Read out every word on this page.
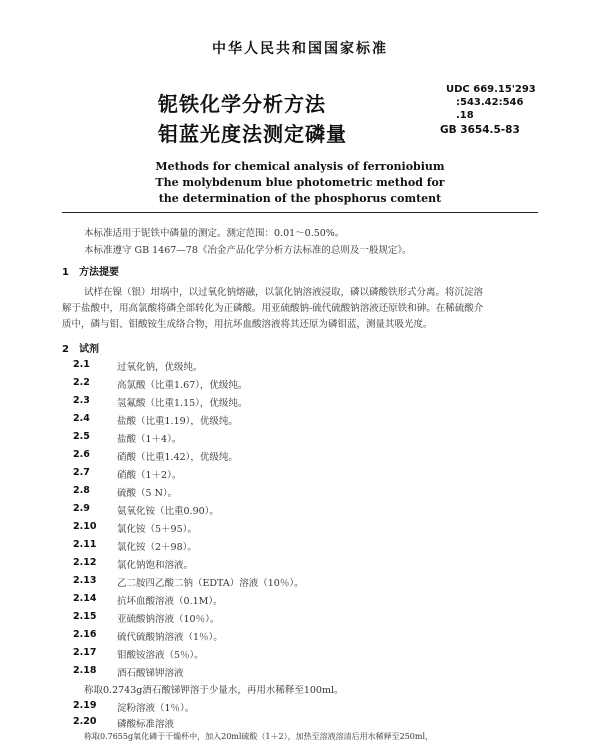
中华人民共和国国家标准
铌铁化学分析方法
钼蓝光度法测定磷量
UDC 669.15'293
:543.42:546
.18
GB 3654.5-83
Methods for chemical analysis of ferroniobium
The molybdenum blue photometric method for
the determination of the phosphorus comtent
本标准适用于铌铁中磷量的测定。测定范围：0.01～0.50%。
本标准遵守 GB 1467—78《冶金产品化学分析方法标准的总则及一般规定》。
1　方法提要
试样在镍（银）坩埚中，以过氧化钠熔融，以氯化钠溶液浸取，磷以磷酸铁形式分离。将沉淀溶
解于盐酸中，用高氯酸将磷全部转化为正磷酸。用亚硫酸钠-硫代硫酸钠溶液还原铁和砷。在稀硫酸介
质中，磷与钼、钼酸铵生成络合物，用抗坏血酸溶液将其还原为磷钼蓝，测量其吸光度。
2　试剂
2.1	过氧化钠，优级纯。
2.2	高氯酸（比重1.67），优级纯。
2.3	氢氟酸（比重1.15），优级纯。
2.4	盐酸（比重1.19），优级纯。
2.5	盐酸（1＋4）。
2.6	硝酸（比重1.42），优级纯。
2.7	硝酸（1＋2）。
2.8	硫酸（5 N）。
2.9	氨氧化铵（比重0.90）。
2.10	氯化铵（5＋95）。
2.11	氯化铵（2＋98）。
2.12	氯化钠饱和溶液。
2.13	乙二胺四乙酸二钠（EDTA）溶液（10％）。
2.14	抗坏血酸溶液（0.1M）。
2.15	亚硫酸钠溶液（10％）。
2.16	硫代硫酸钠溶液（1％）。
2.17	钼酸铵溶液（5％）。
2.18	酒石酸锑钾溶液
称取0.2743g酒石酸锑钾溶于少量水，再用水稀释至100ml。
2.19	淀粉溶液（1％）。
2.20	磷酸标准溶液
称取0.7655g氧化磷于干燥杯中，加入20ml硫酸（1＋2），加热至溶液溶清后用水稀释至250ml，
